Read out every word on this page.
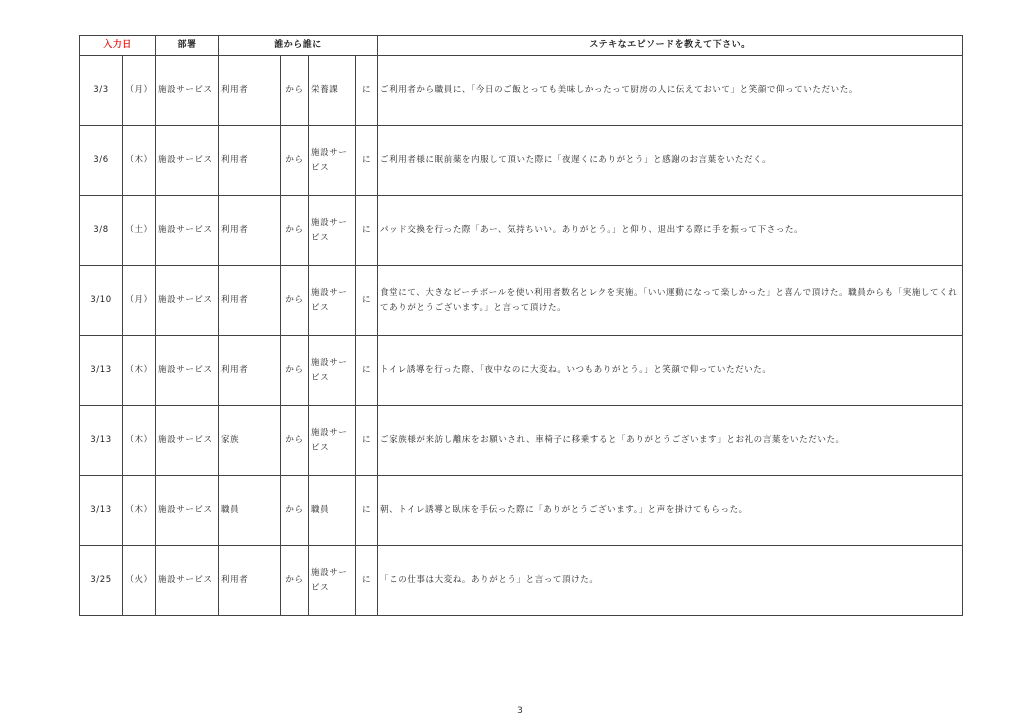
入力日		部署	誰から誰に				ステキなエピソードを教えて下さい。
3/3	（月）	施設サービス	利用者	から	栄養課	に	ご利用者から職員に、「今日のご飯とっても美味しかったって厨房の人に伝えておいて」と笑顔で仰っていただいた。
3/6	（木）	施設サービス	利用者	から	施設サービス	に	ご利用者様に眠前薬を内服して頂いた際に「夜遅くにありがとう」と感謝のお言葉をいただく。
3/8	（土）	施設サービス	利用者	から	施設サービス	に	パッド交換を行った際「あー、気持ちいい。ありがとう。」と仰り、退出する際に手を振って下さった。
3/10	（月）	施設サービス	利用者	から	施設サービス	に	食堂にて、大きなビーチボールを使い利用者数名とレクを実施。「いい運動になって楽しかった」と喜んで頂けた。職員からも「実施してくれてありがとうございます。」と言って頂けた。
3/13	（木）	施設サービス	利用者	から	施設サービス	に	トイレ誘導を行った際、「夜中なのに大変ね。いつもありがとう。」と笑顔で仰っていただいた。
3/13	（木）	施設サービス	家族	から	施設サービス	に	ご家族様が来訪し離床をお願いされ、車椅子に移乗すると「ありがとうございます」とお礼の言葉をいただいた。
3/13	（木）	施設サービス	職員	から	職員	に	朝、トイレ誘導と臥床を手伝った際に「ありがとうございます。」と声を掛けてもらった。
3/25	（火）	施設サービス	利用者	から	施設サービス	に	「この仕事は大変ね。ありがとう」と言って頂けた。
3
